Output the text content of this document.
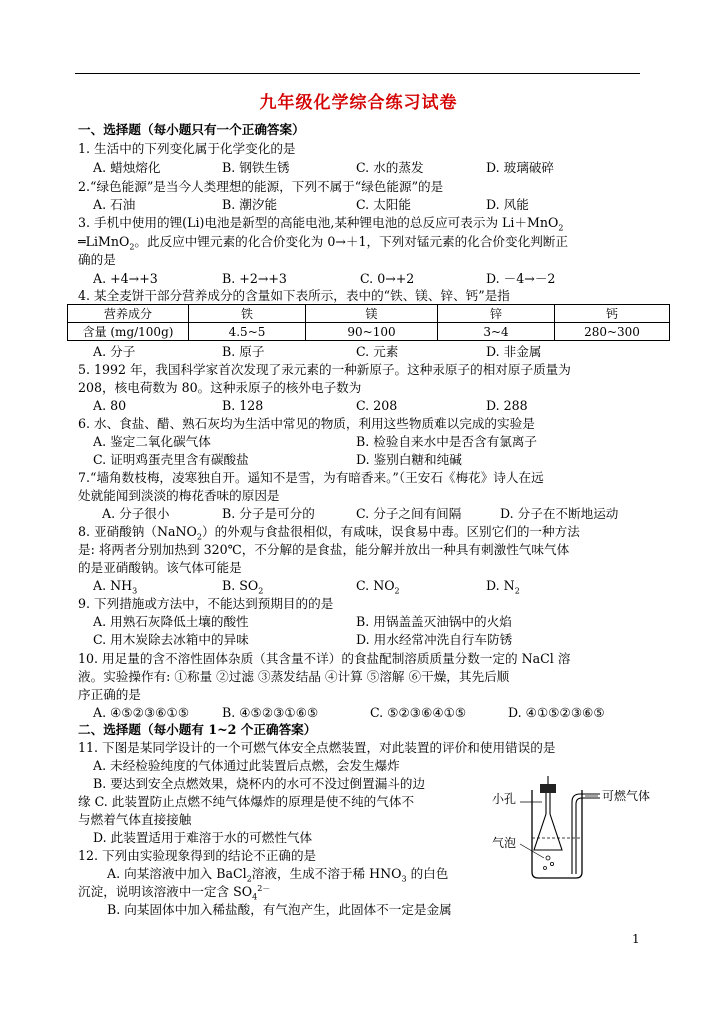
九年级化学综合练习试卷
一、选择题（每小题只有一个正确答案）
1. 生活中的下列变化属于化学变化的是
A. 蜡烛熔化	B. 钢铁生锈	C. 水的蒸发	D. 玻璃破碎
2.“绿色能源”是当今人类理想的能源，下列不属于“绿色能源”的是
A. 石油	B. 潮汐能	C. 太阳能	D. 风能
3. 手机中使用的锂(Li)电池是新型的高能电池,某种锂电池的总反应可表示为 Li＋MnO$_2$
═LiMnO$_2$。此反应中锂元素的化合价变化为 0→＋1，下列对锰元素的化合价变化判断正
确的是
A. +4→+3	B. +2→+3	C. 0→+2	D. －4→－2
4. 某全麦饼干部分营养成分的含量如下表所示，表中的“铁、镁、锌、钙”是指
营养成分	铁	镁	锌	钙
含量 (mg/100g)	4.5~5	90~100	3~4	280~300
A. 分子	B. 原子	C. 元素	D. 非金属
5. 1992 年，我国科学家首次发现了汞元素的一种新原子。这种汞原子的相对原子质量为
208，核电荷数为 80。这种汞原子的核外电子数为
A. 80	B. 128	C. 208	D. 288
6. 水、食盐、醋、熟石灰均为生活中常见的物质，利用这些物质难以完成的实验是
A. 鉴定二氧化碳气体	B. 检验自来水中是否含有氯离子
C. 证明鸡蛋壳里含有碳酸盐	D. 鉴别白糖和纯碱
7.“墙角数枝梅，凌寒独自开。遥知不是雪，为有暗香来。”（王安石《梅花》诗人在远
处就能闻到淡淡的梅花香味的原因是
A. 分子很小	B. 分子是可分的	C. 分子之间有间隔	D. 分子在不断地运动
8. 亚硝酸钠（NaNO$_2$）的外观与食盐很相似，有咸味，误食易中毒。区别它们的一种方法
是: 将两者分别加热到 320℃，不分解的是食盐，能分解并放出一种具有刺激性气味气体
的是亚硝酸钠。该气体可能是
A. $NH_3$	B. $SO_2$	C. $NO_2$	D. $N_2$
9. 下列措施或方法中，不能达到预期目的的是
A. 用熟石灰降低土壤的酸性	B. 用锅盖盖灭油锅中的火焰
C. 用木炭除去冰箱中的异味	D. 用水经常冲洗自行车防锈
10. 用足量的含不溶性固体杂质（其含量不详）的食盐配制溶质质量分数一定的 NaCl 溶
液。实验操作有: ①称量 ②过滤 ③蒸发结晶 ④计算 ⑤溶解 ⑥干燥，其先后顺
序正确的是
A. ④⑤②③⑥①⑤	B. ④⑤②③①⑥⑤	C. ⑤②③⑥④①⑤	D. ④①⑤②③⑥⑤
二、选择题（每小题有 1~2 个正确答案）
11. 下图是某同学设计的一个可燃气体安全点燃装置，对此装置的评价和使用错误的是
A. 未经检验纯度的气体通过此装置后点燃，会发生爆炸
B. 要达到安全点燃效果，烧杯内的水可不没过倒置漏斗的边
缘 C. 此装置防止点燃不纯气体爆炸的原理是使不纯的气体不
与燃着气体直接接触
D. 此装置适用于难溶于水的可燃性气体
小孔	可燃气体
气泡
12. 下列由实验现象得到的结论不正确的是
A. 向某溶液中加入 BaCl$_2$溶液，生成不溶于稀 $HNO_3$ 的白色
沉淀，说明该溶液中一定含 $SO_4^{2-}$
B. 向某固体中加入稀盐酸，有气泡产生，此固体不一定是金属
1
